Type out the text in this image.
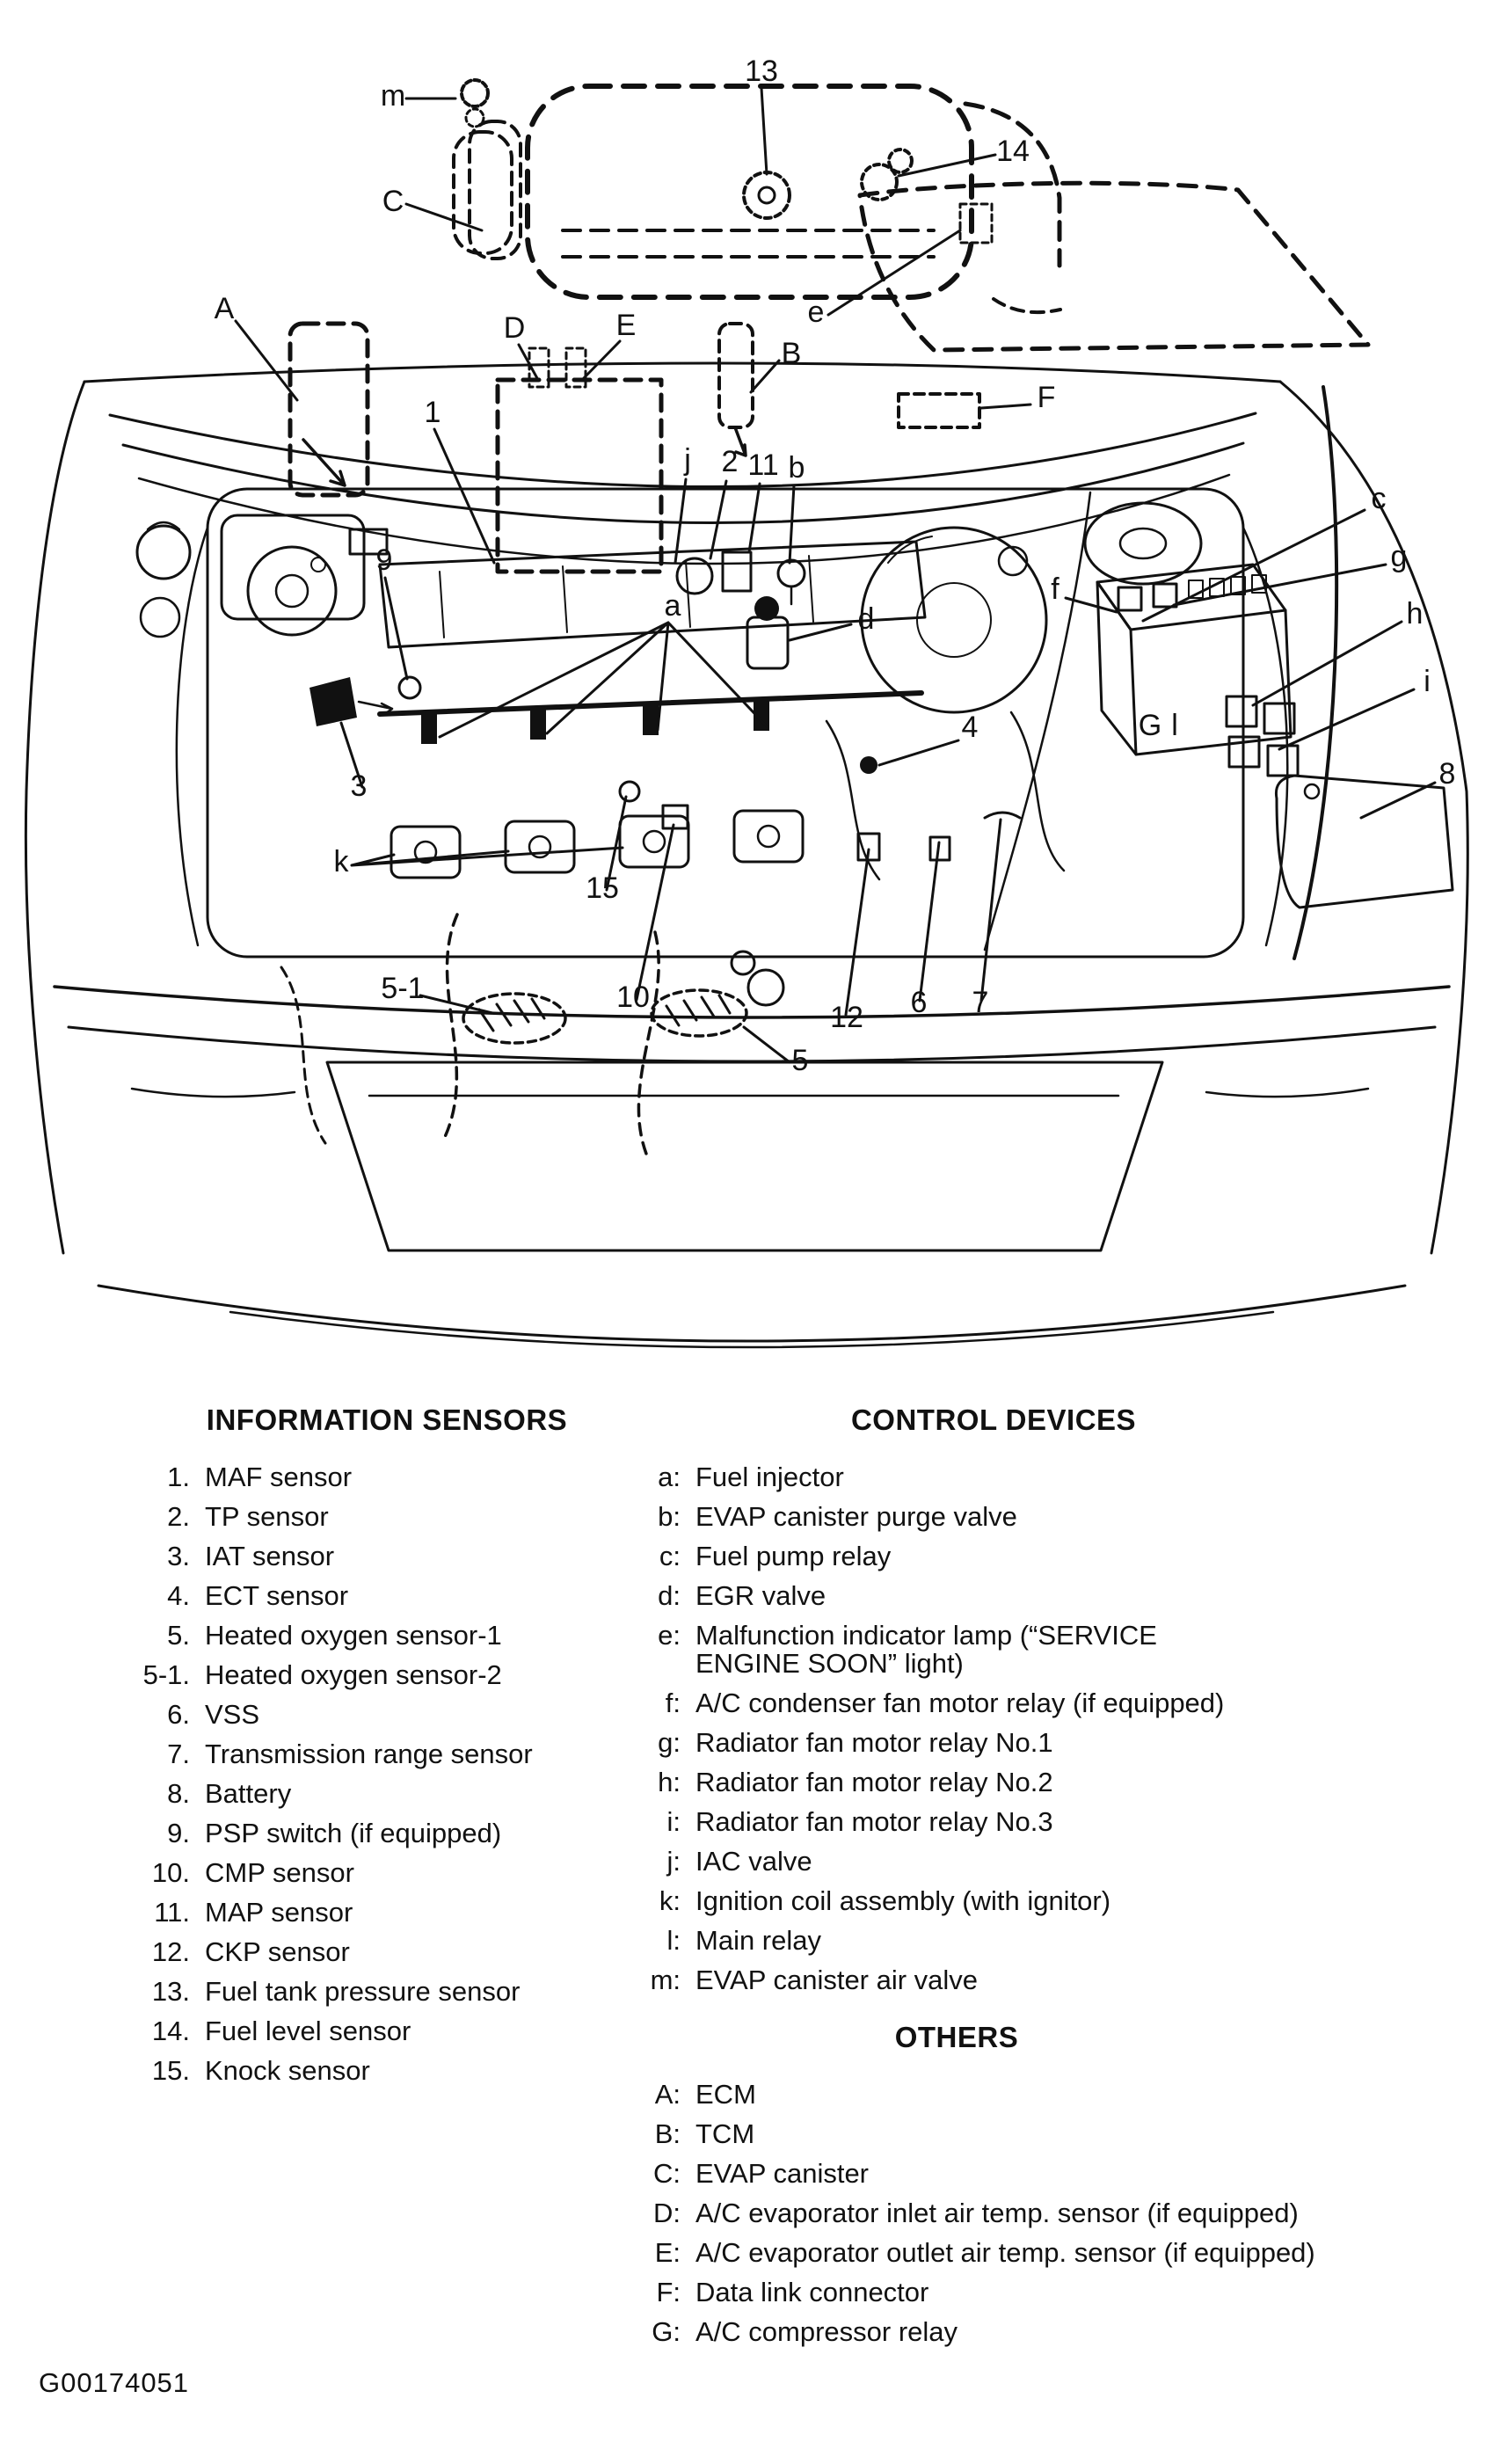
m
13
14
C
A
D	E	e
B
F
1
j 2 11 b
c
9	g
f
a	h
d
i
4	G l
8
3
k
15
5-1	10
12 6 7
5
INFORMATION SENSORS
1. MAF sensor
2. TP sensor
3. IAT sensor
4. ECT sensor
5. Heated oxygen sensor-1
5-1. Heated oxygen sensor-2
6. VSS
7. Transmission range sensor
8. Battery
9. PSP switch (if equipped)
10. CMP sensor
11. MAP sensor
12. CKP sensor
13. Fuel tank pressure sensor
14. Fuel level sensor
15. Knock sensor
CONTROL DEVICES
a: Fuel injector
b: EVAP canister purge valve
c: Fuel pump relay
d: EGR valve
e: Malfunction indicator lamp (“SERVICE ENGINE SOON” light)
f: A/C condenser fan motor relay (if equipped)
g: Radiator fan motor relay No.1
h: Radiator fan motor relay No.2
i: Radiator fan motor relay No.3
j: IAC valve
k: Ignition coil assembly (with ignitor)
l: Main relay
m: EVAP canister air valve
OTHERS
A: ECM
B: TCM
C: EVAP canister
D: A/C evaporator inlet air temp. sensor (if equipped)
E: A/C evaporator outlet air temp. sensor (if equipped)
F: Data link connector
G: A/C compressor relay
G00174051
